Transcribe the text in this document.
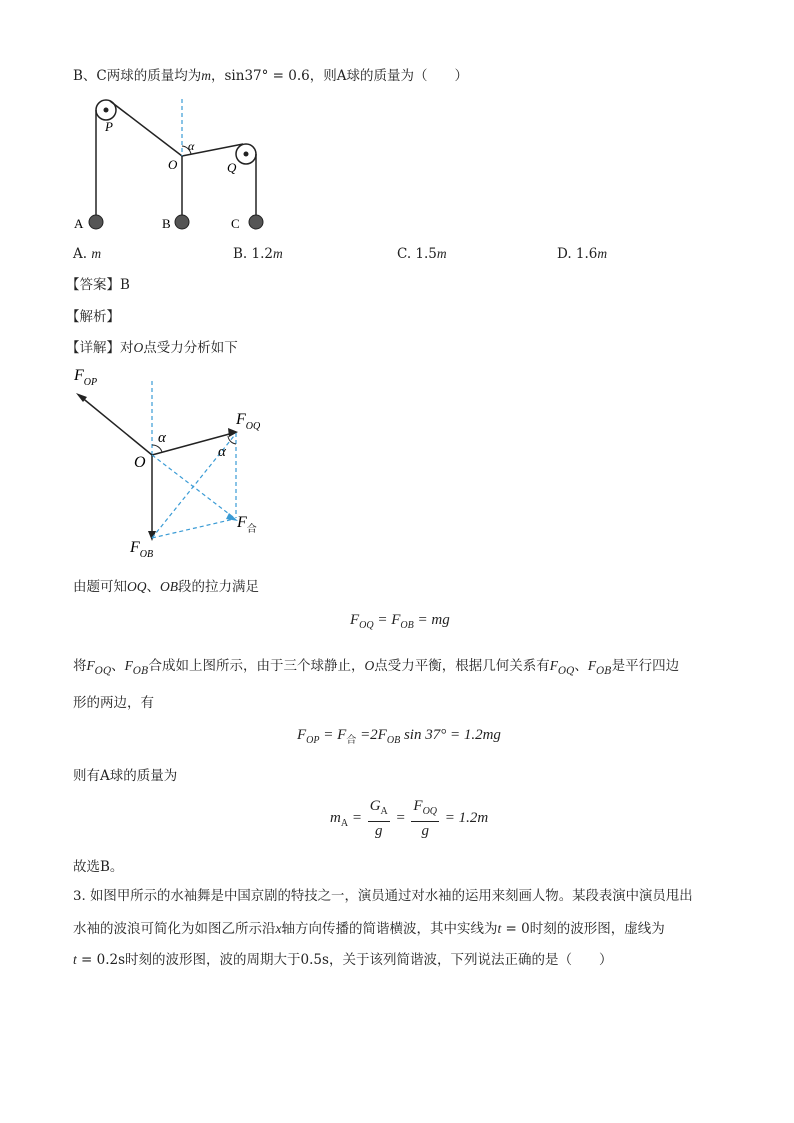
B、C两球的质量均为m，sin37° = 0.6，则A球的质量为（　　）
P
O
α
Q
A	B	C
$F_{OP}$
$F_{OQ}$
$F_{OB}$
$F_合$
α
α
O
A. m	B. 1.2m	C. 1.5m	D. 1.6m
【答案】B
【解析】
【详解】对O点受力分析如下
由题可知OQ、OB段的拉力满足
$F_{OQ} = F_{OB}$ = mg
将$F_{OQ}$、$F_{OB}$合成如上图所示，由于三个球静止，O点受力平衡，根据几何关系有$F_{OQ}$、$F_{OB}$是平行四边
形的两边，有
$F_{OP} = F_合 =2F_{OB}$ sin 37° = 1.2mg
则有A球的质量为
$m_A = \frac{G_A}{g} = \frac{F_{OQ}}{g} = 1.2m$
故选B。
3. 如图甲所示的水袖舞是中国京剧的特技之一，演员通过对水袖的运用来刻画人物。某段表演中演员甩出
水袖的波浪可简化为如图乙所示沿x轴方向传播的简谐横波，其中实线为t = 0时刻的波形图，虚线为
t = 0.2s时刻的波形图，波的周期大于0.5s，关于该列简谐波，下列说法正确的是（　　）
